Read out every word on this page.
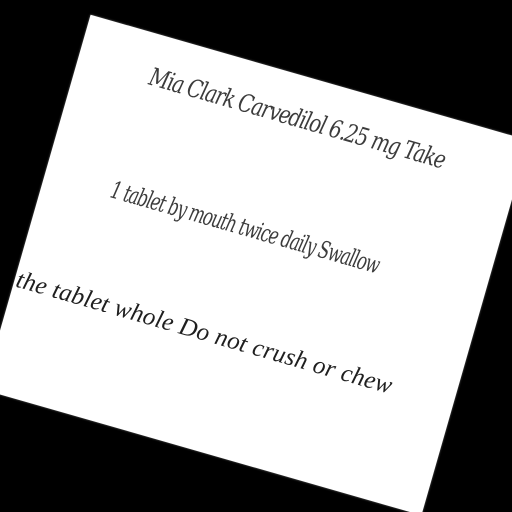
Mia Clark Carvedilol 6.25 mg Take
1 tablet by mouth twice daily Swallow
the tablet whole Do not crush or chew
